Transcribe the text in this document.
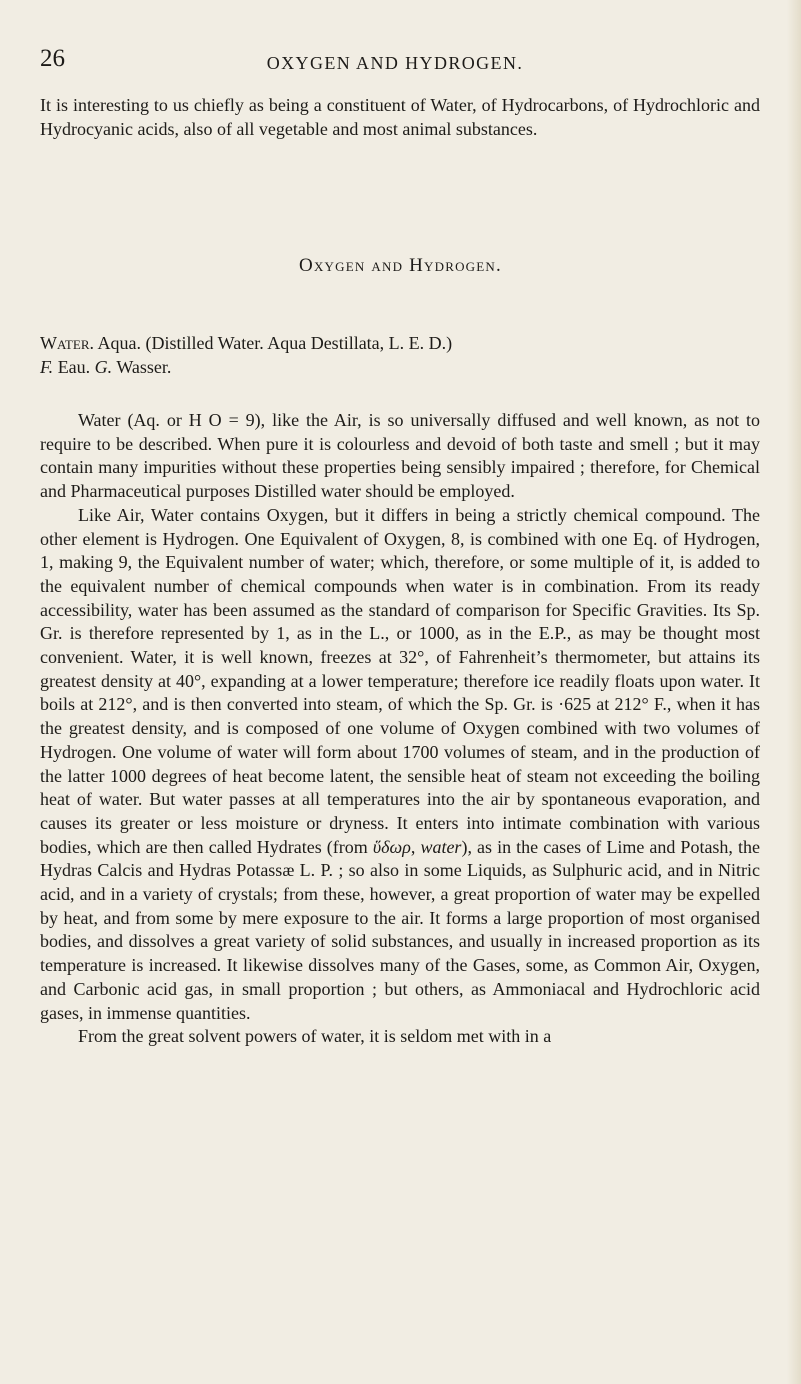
26	OXYGEN AND HYDROGEN.

It is interesting to us chiefly as being a constituent of Water, of Hydrocarbons, of Hydrochloric and Hydrocyanic acids, also of all vegetable and most animal substances.

Oxygen and Hydrogen.

Water. Aqua. (Distilled Water. Aqua Destillata, L. E. D.)
F. Eau. G. Wasser.

Water (Aq. or H O = 9), like the Air, is so universally diffused and well known, as not to require to be described. When pure it is colourless and devoid of both taste and smell ; but it may contain many impurities without these properties being sensibly impaired ; therefore, for Chemical and Pharmaceutical purposes Distilled water should be employed.

Like Air, Water contains Oxygen, but it differs in being a strictly chemical compound. The other element is Hydrogen. One Equivalent of Oxygen, 8, is combined with one Eq. of Hydrogen, 1, making 9, the Equivalent number of water; which, therefore, or some multiple of it, is added to the equivalent number of chemical compounds when water is in combination. From its ready accessibility, water has been assumed as the standard of comparison for Specific Gravities. Its Sp. Gr. is therefore represented by 1, as in the L., or 1000, as in the E.P., as may be thought most convenient. Water, it is well known, freezes at 32°, of Fahrenheit’s thermometer, but attains its greatest density at 40°, expanding at a lower temperature; therefore ice readily floats upon water. It boils at 212°, and is then converted into steam, of which the Sp. Gr. is ·625 at 212° F., when it has the greatest density, and is composed of one volume of Oxygen combined with two volumes of Hydrogen. One volume of water will form about 1700 volumes of steam, and in the production of the latter 1000 degrees of heat become latent, the sensible heat of steam not exceeding the boiling heat of water. But water passes at all temperatures into the air by spontaneous evaporation, and causes its greater or less moisture or dryness. It enters into intimate combination with various bodies, which are then called Hydrates (from ὕδωρ, water), as in the cases of Lime and Potash, the Hydras Calcis and Hydras Potassæ L. P. ; so also in some Liquids, as Sulphuric acid, and in Nitric acid, and in a variety of crystals; from these, however, a great proportion of water may be expelled by heat, and from some by mere exposure to the air. It forms a large proportion of most organised bodies, and dissolves a great variety of solid substances, and usually in increased proportion as its temperature is increased. It likewise dissolves many of the Gases, some, as Common Air, Oxygen, and Carbonic acid gas, in small proportion ; but others, as Ammoniacal and Hydrochloric acid gases, in immense quantities.

From the great solvent powers of water, it is seldom met with in a
